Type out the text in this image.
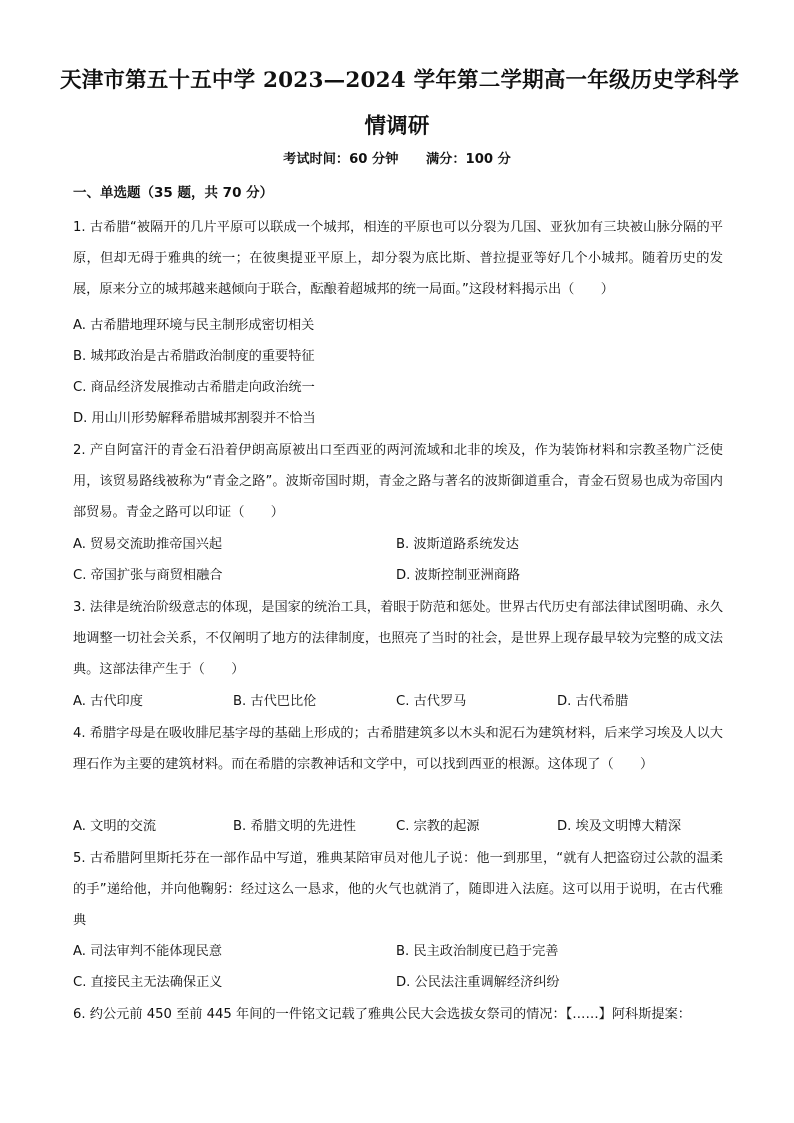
天津市第五十五中学 2023—2024 学年第二学期高一年级历史学科学
情调研
考试时间：60 分钟      满分：100 分
一、单选题（35 题，共 70 分）
1. 古希腊“被隔开的几片平原可以联成一个城邦，相连的平原也可以分裂为几国、亚狄加有三块被山脉分隔的平原，但却无碍于雅典的统一；在彼奥提亚平原上，却分裂为底比斯、普拉提亚等好几个小城邦。随着历史的发展，原来分立的城邦越来越倾向于联合，酝酿着超城邦的统一局面。”这段材料揭示出（　　）
A. 古希腊地理环境与民主制形成密切相关
B. 城邦政治是古希腊政治制度的重要特征
C. 商品经济发展推动古希腊走向政治统一
D. 用山川形势解释希腊城邦割裂并不恰当
2. 产自阿富汗的青金石沿着伊朗高原被出口至西亚的两河流域和北非的埃及，作为装饰材料和宗教圣物广泛使用，该贸易路线被称为“青金之路”。波斯帝国时期，青金之路与著名的波斯御道重合，青金石贸易也成为帝国内部贸易。青金之路可以印证（　　）
A. 贸易交流助推帝国兴起	B. 波斯道路系统发达
C. 帝国扩张与商贸相融合	D. 波斯控制亚洲商路
3. 法律是统治阶级意志的体现，是国家的统治工具，着眼于防范和惩处。世界古代历史有部法律试图明确、永久地调整一切社会关系，不仅阐明了地方的法律制度，也照亮了当时的社会，是世界上现存最早较为完整的成文法典。这部法律产生于（　　）
A. 古代印度	B. 古代巴比伦	C. 古代罗马	D. 古代希腊
4. 希腊字母是在吸收腓尼基字母的基础上形成的；古希腊建筑多以木头和泥石为建筑材料，后来学习埃及人以大理石作为主要的建筑材料。而在希腊的宗教神话和文学中，可以找到西亚的根源。这体现了（　　）
A. 文明的交流	B. 希腊文明的先进性	C. 宗教的起源	D. 埃及文明博大精深
5. 古希腊阿里斯托芬在一部作品中写道，雅典某陪审员对他儿子说：他一到那里，“就有人把盗窃过公款的温柔的手”递给他，并向他鞠躬：经过这么一恳求，他的火气也就消了，随即进入法庭。这可以用于说明，在古代雅典
A. 司法审判不能体现民意	B. 民主政治制度已趋于完善
C. 直接民主无法确保正义	D. 公民法注重调解经济纠纷
6. 约公元前 450 至前 445 年间的一件铭文记载了雅典公民大会选拔女祭司的情况：【……】阿科斯提案：
